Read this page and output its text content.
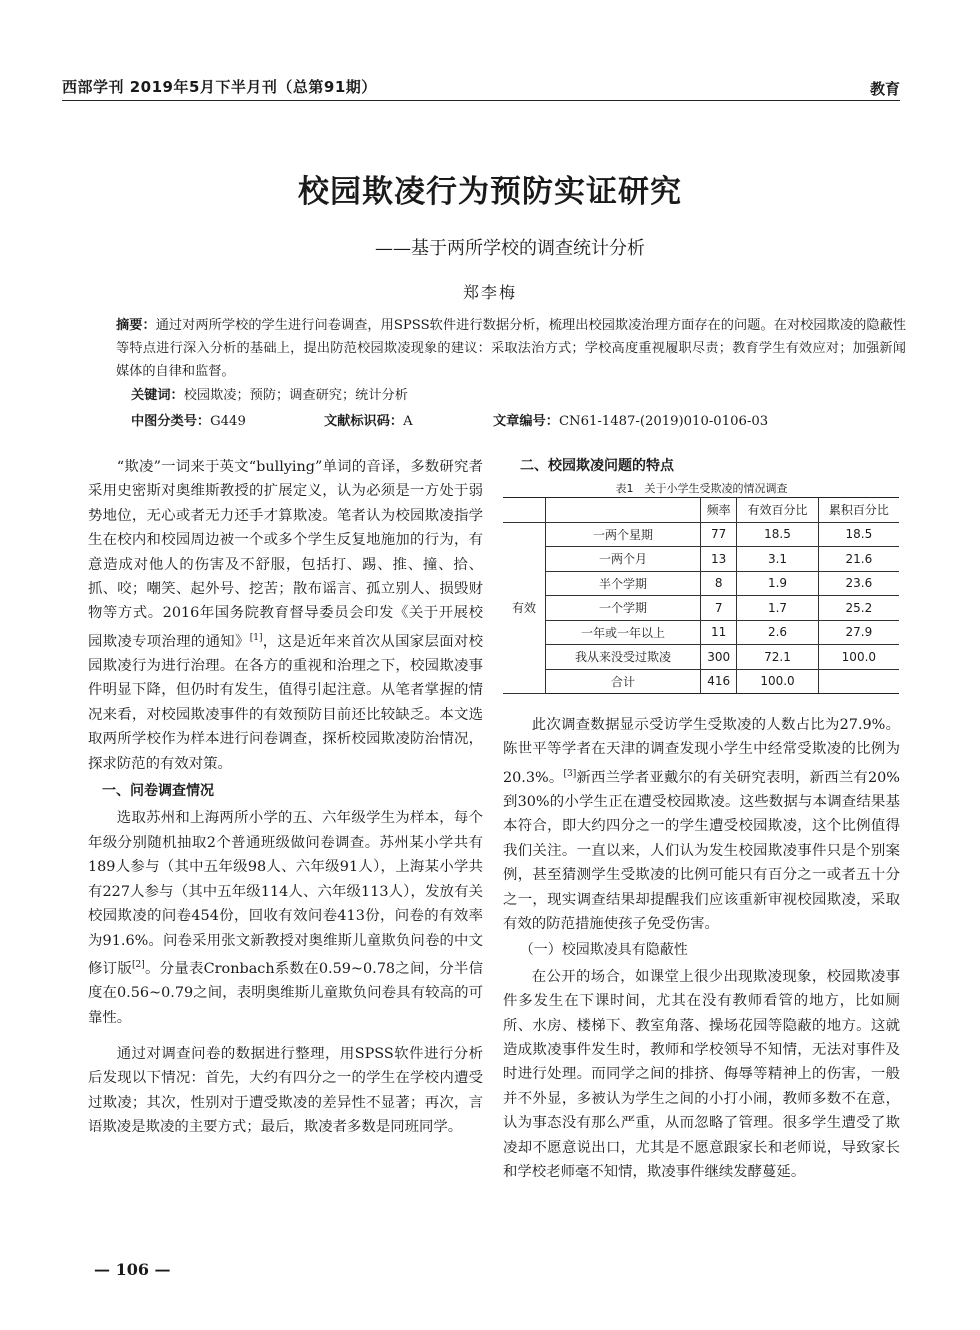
西部学刊 2019年5月下半月刊（总第91期）	教育
校园欺凌行为预防实证研究
——基于两所学校的调查统计分析
郑李梅
摘要：通过对两所学校的学生进行问卷调查，用SPSS软件进行数据分析，梳理出校园欺凌治理方面存在的问题。在对校园欺凌的隐蔽性等特点进行深入分析的基础上，提出防范校园欺凌现象的建议：采取法治方式；学校高度重视履职尽责；教育学生有效应对；加强新闻媒体的自律和监督。
关键词：校园欺凌；预防；调查研究；统计分析
中图分类号：G449	文献标识码：A	文章编号：CN61-1487-(2019)010-0106-03

“欺凌”一词来于英文“bullying”单词的音译，多数研究者采用史密斯对奥维斯教授的扩展定义，认为必须是一方处于弱势地位，无心或者无力还手才算欺凌。笔者认为校园欺凌指学生在校内和校园周边被一个或多个学生反复地施加的行为，有意造成对他人的伤害及不舒服，包括打、踢、推、撞、拾、抓、咬；嘲笑、起外号、挖苦；散布谣言、孤立别人、损毁财物等方式。2016年国务院教育督导委员会印发《关于开展校园欺凌专项治理的通知》[1]，这是近年来首次从国家层面对校园欺凌行为进行治理。在各方的重视和治理之下，校园欺凌事件明显下降，但仍时有发生，值得引起注意。从笔者掌握的情况来看，对校园欺凌事件的有效预防目前还比较缺乏。本文选取两所学校作为样本进行问卷调查，探析校园欺凌防治情况，探求防范的有效对策。

一、问卷调查情况

选取苏州和上海两所小学的五、六年级学生为样本，每个年级分别随机抽取2个普通班级做问卷调查。苏州某小学共有189人参与（其中五年级98人、六年级91人），上海某小学共有227人参与（其中五年级114人、六年级113人），发放有关校园欺凌的问卷454份，回收有效问卷413份，问卷的有效率为91.6%。问卷采用张文新教授对奥维斯儿童欺负问卷的中文修订版[2]。分量表Cronbach系数在0.59~0.78之间，分半信度在0.56~0.79之间，表明奥维斯儿童欺负问卷具有较高的可靠性。

通过对调查问卷的数据进行整理，用SPSS软件进行分析后发现以下情况：首先，大约有四分之一的学生在学校内遭受过欺凌；其次，性别对于遭受欺凌的差异性不显著；再次，言语欺凌是欺凌的主要方式；最后，欺凌者多数是同班同学。

二、校园欺凌问题的特点
表1　关于小学生受欺凌的情况调查
		频率	有效百分比	累积百分比
有效	一两个星期	77	18.5	18.5
	一两个月	13	3.1	21.6
	半个学期	8	1.9	23.6
	一个学期	7	1.7	25.2
	一年或一年以上	11	2.6	27.9
	我从来没受过欺凌	300	72.1	100.0
	合计	416	100.0	

此次调查数据显示受访学生受欺凌的人数占比为27.9%。陈世平等学者在天津的调查发现小学生中经常受欺凌的比例为20.3%。[3]新西兰学者亚戴尔的有关研究表明，新西兰有20%到30%的小学生正在遭受校园欺凌。这些数据与本调查结果基本符合，即大约四分之一的学生遭受校园欺凌，这个比例值得我们关注。一直以来，人们认为发生校园欺凌事件只是个别案例，甚至猜测学生受欺凌的比例可能只有百分之一或者五十分之一，现实调查结果却提醒我们应该重新审视校园欺凌，采取有效的防范措施使孩子免受伤害。

（一）校园欺凌具有隐蔽性

在公开的场合，如课堂上很少出现欺凌现象，校园欺凌事件多发生在下课时间，尤其在没有教师看管的地方，比如厕所、水房、楼梯下、教室角落、操场花园等隐蔽的地方。这就造成欺凌事件发生时，教师和学校领导不知情，无法对事件及时进行处理。而同学之间的排挤、侮辱等精神上的伤害，一般并不外显，多被认为学生之间的小打小闹，教师多数不在意，认为事态没有那么严重，从而忽略了管理。很多学生遭受了欺凌却不愿意说出口，尤其是不愿意跟家长和老师说，导致家长和学校老师毫不知情，欺凌事件继续发酵蔓延。

— 106 —
